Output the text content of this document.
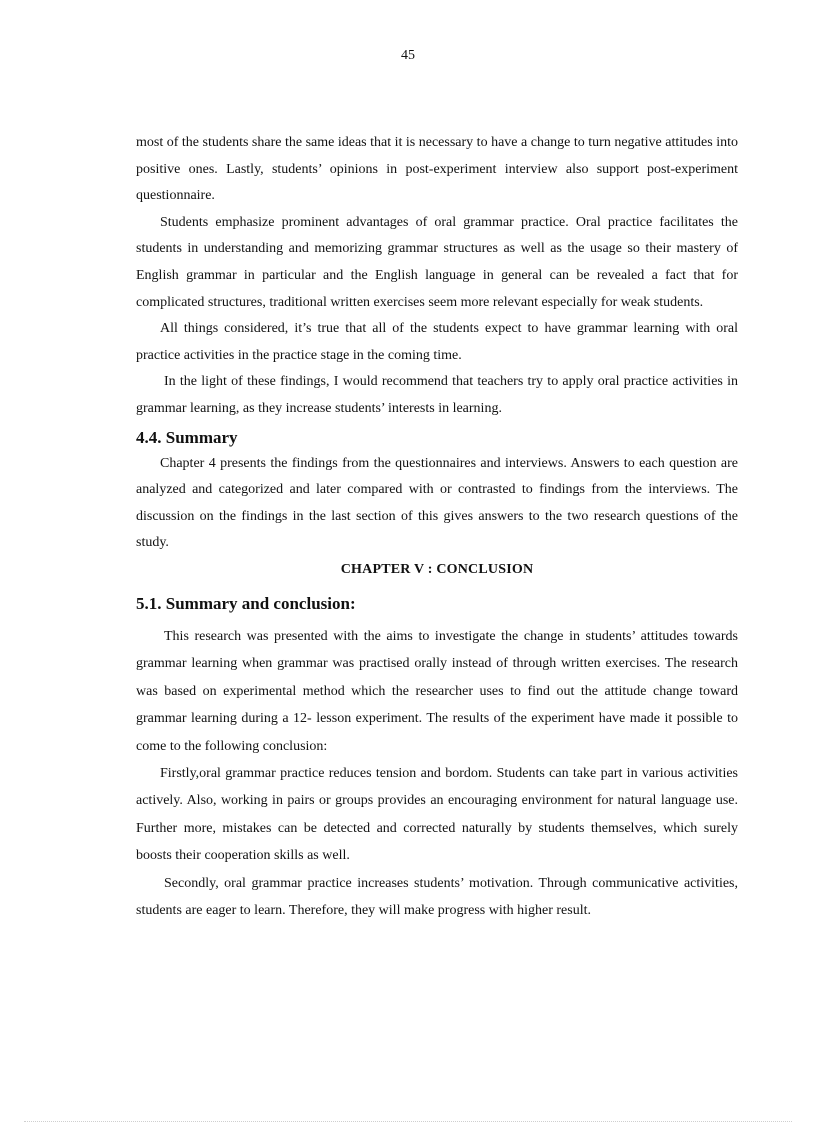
45

most of the students share the same ideas that it is necessary to have a change to turn negative attitudes into positive ones. Lastly, students’ opinions in post-experiment interview also support post-experiment questionnaire.

Students emphasize prominent advantages of oral grammar practice. Oral practice facilitates the students in understanding and memorizing grammar structures as well as the usage so their mastery of English grammar in particular and the English language in general can be revealed a fact that for complicated structures, traditional written exercises seem more relevant especially for weak students.

All things considered, it’s true that all of the students expect to have grammar learning with oral practice activities in the practice stage in the coming time.

In the light of these findings, I would recommend that teachers try to apply oral practice activities in grammar learning, as they increase students’ interests in learning.

4.4. Summary

Chapter 4 presents the findings from the questionnaires and interviews. Answers to each question are analyzed and categorized and later compared with or contrasted to findings from the interviews. The discussion on the findings in the last section of this gives answers to the two research questions of the study.

CHAPTER V : CONCLUSION
5.1. Summary and conclusion:

This research was presented with the aims to investigate the change in students’ attitudes towards grammar learning when grammar was practised orally instead of through written exercises. The research was based on experimental method which the researcher uses to find out the attitude change toward grammar learning during a 12- lesson experiment. The results of the experiment have made it possible to come to the following conclusion:

Firstly,oral grammar practice reduces tension and bordom. Students can take part in various activities actively. Also, working in pairs or groups provides an encouraging environment for natural language use. Further more, mistakes can be detected and corrected naturally by students themselves, which surely boosts their cooperation skills as well.

Secondly, oral grammar practice increases students’ motivation. Through communicative activities, students are eager to learn. Therefore, they will make progress with higher result.
